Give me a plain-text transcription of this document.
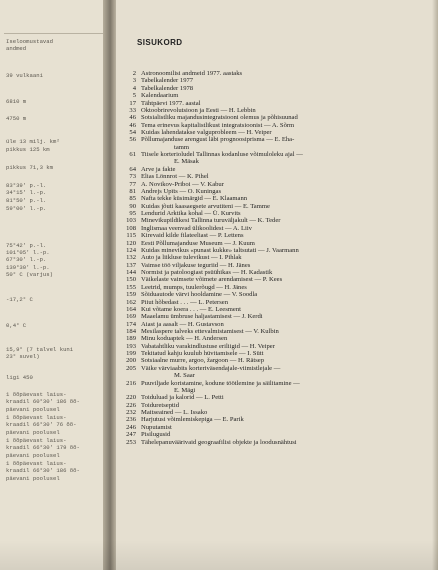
Iseloomustavad
andmed
39 vulkaani
6810 m
4750 m
üle 13 milj. km²
pikkus 125 km
pikkus 71,3 km
83°39' p.-l.
34°15' l.-p.
81°50' p.-l.
59°00' l.-p.
75°42' p.-l.
101°05' l.-p.
67°30' l.-p.
139°30' l.-p.
50° C (varjus)
-17,2° C
0,4° C
15,9° (7 talvel kuni
23° suvel)
ligi 450
1 õõpäevast laius-
kraadil 60°30' 186 õõ-
päevani poolusel
1 õõpäevast laius-
kraadil 66°30' 76 õõ-
päevani poolusel
1 õõpäevast laius-
kraadil 66°30' 179 õõ-
päevani poolusel
1 õõpäevast laius-
kraadil 66°30' 186 õõ-
päevani poolusel
SISUKORD
2 Astronoomilisi andmeid 1977. aastaks
3 Tabelkalender 1977
4 Tabelkalender 1978
5 Kalendaarium
17 Tähtpäevi 1977. aastal
33 Oktoobrirevolutsioon ja Eesti — H. Lebbin
46 Sotsialistliku majandusintegratsiooni olemus ja põhisuunad
46 Tema erinevus kapitalistlikust integratsioonist — A. Sõrm
54 Kuidas lahendatakse valguprobleem — H. Veiper
56 Põllumajanduse arengust läbi prognoosiprisma — E. Eha-
tamm
61 Tiisele korterioludel Tallinnas kodanluse võimuloleku ajal —
E. Mäsak
64 Arve ja fakte
73 Elias Lönnrot — K. Pihel
77 A. Novikov-Priboi — V. Kabur
81 Andrejs Upīts — O. Kuningas
85 Nafta tekke küsimärgid — E. Klaamann
90 Kuidas jõuti kaasaegsete arvutiteni — E. Tamme
95 Lendurid Arktika kohal — Ü. Kurvits
103 Minevikupildikesi Tallinna turuväljakult — K. Teder
108 Inglismaa veenvad ülikoolidest — A. Liiv
115 Kirevaid kilde filateeliast — P. Lettens
120 Eesti Põllumajanduse Museum — J. Kuum
124 Kuidas minevikus «punast kukke» taltsutati — J. Vaarmann
132 Auto ja liikluse tulevikust — I. Pihlak
137 Vaimse töö viljakuse teguriid — H. Jänes
144 Normist ja patoloogiast psüühikas — H. Kadastik
150 Väikelaste vaimsete võimete arendamisest — P. Kees
155 Leetrid, mumps, tuulerõugd — H. Jänes
159 Sõiduautode värvi hooldamine — V. Soodla
162 Piiut hõbedast . . . — L. Petersen
164 Kui võtame koera . . . — E. Leesment
169 Maaelamu ümbruse haljastamisest — J. Kerdi
174 Aiast ja aasalt — H. Gustavson
184 Mesilaspere talveks ettevalmistamisest — V. Kulbin
189 Minu koduaptek — H. Andersen
193 Vabatahtliku varakindlustuse eriliigid — H. Veiper
199 Tekitatud kahju kuulub hüvitamisele — I. Sütt
200 Sotsiaalne murre, argoo, žargoon — H. Rätsep
205 Väike värviaabits korteriväsendajale-viimistlejale —
M. Saar
216 Puuviljade koristamine, kodune töötlemine ja säilitamine —
E. Mägi
220 Toiduluad ja kalorid — L. Petti
226 Toiduretseptid
232 Maitseained — L. Issako
236 Harjutusi võimlemiskepiga — E. Parik
246 Nuputamist
247 Pisilugusid
253 Tähelepanuväärivaid geograafilisi objekte ja loodusnähtusi
